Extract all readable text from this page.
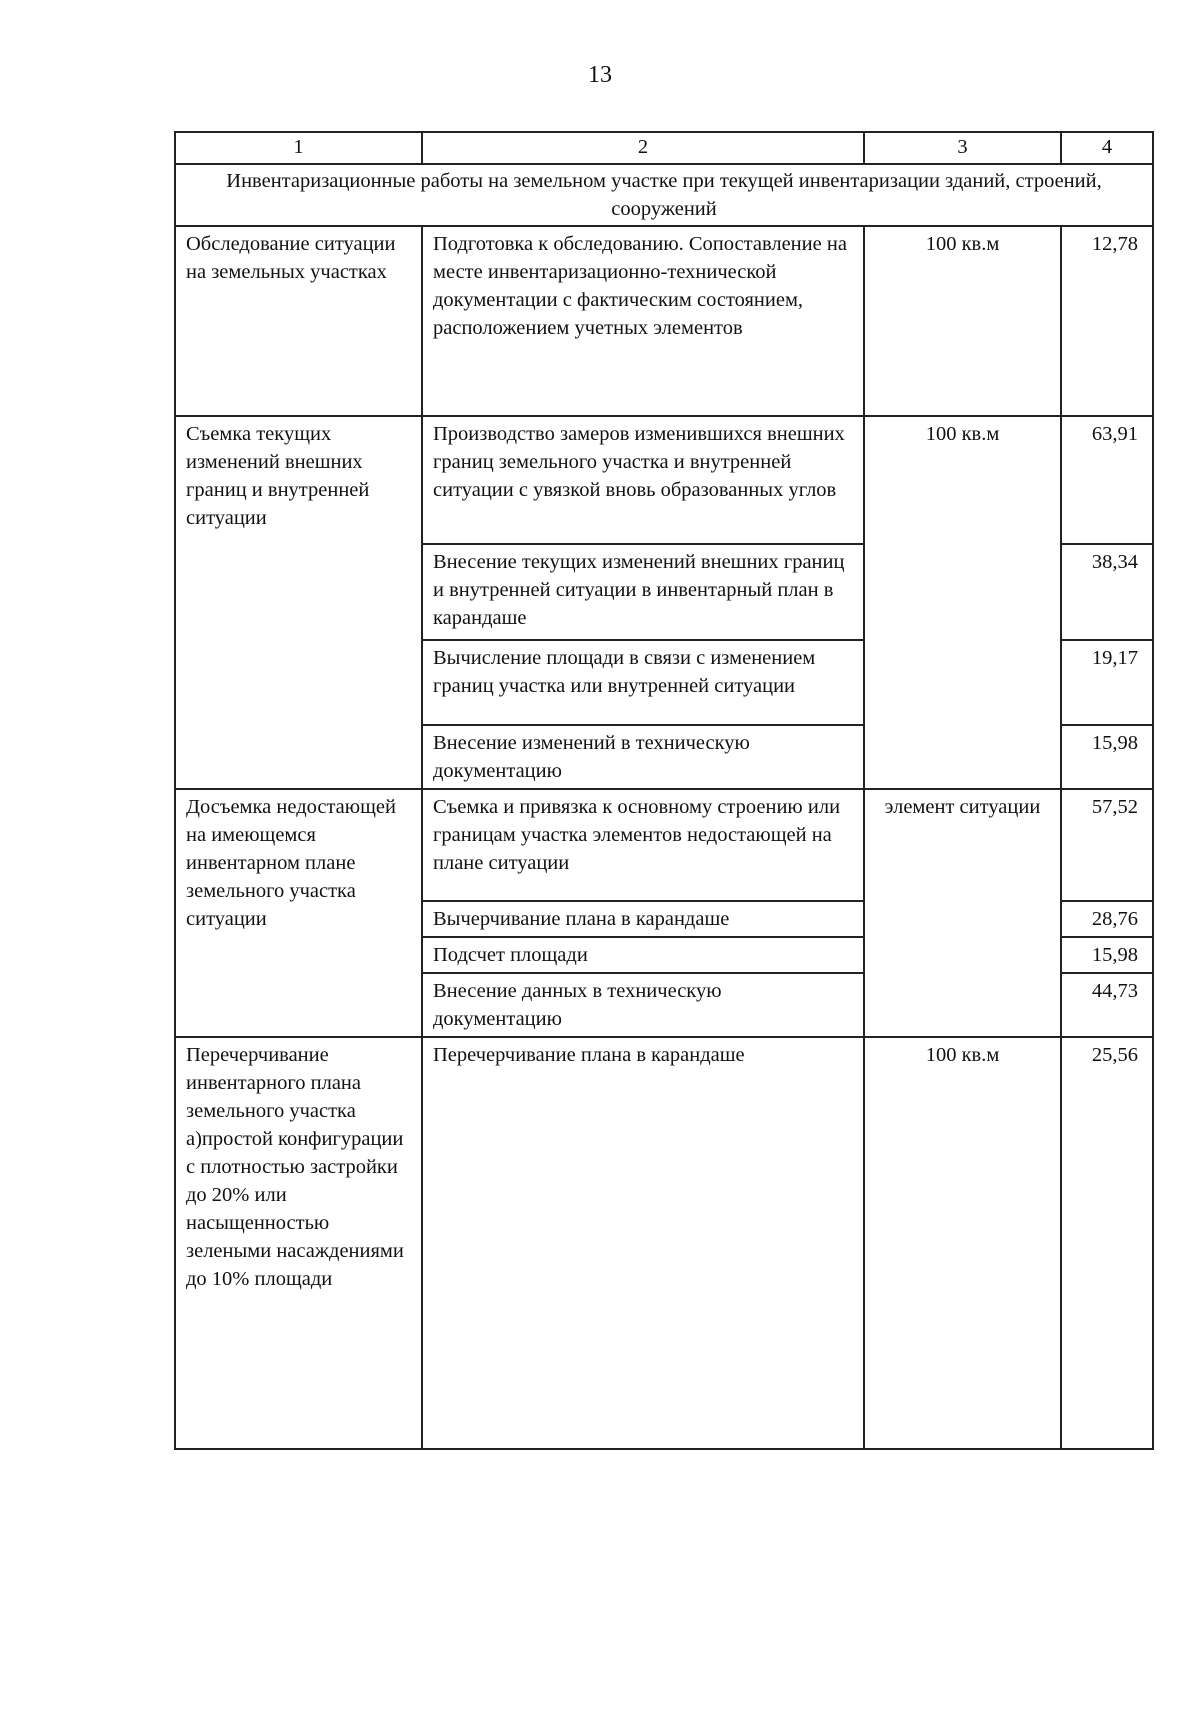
13
1	2	3	4
Инвентаризационные работы на земельном участке при текущей инвентаризации зданий, строений, сооружений			
Обследование ситуации на земельных участках	Подготовка к обследованию. Сопоставление на месте инвентаризационно-технической документации с фактическим состоянием, расположением учетных элементов	100 кв.м	12,78
Съемка текущих изменений внешних границ и внутренней ситуации	Производство замеров изменившихся внешних границ земельного участка и внутренней ситуации с увязкой вновь образованных углов	100 кв.м	63,91
	Внесение текущих изменений внешних границ и внутренней ситуации в инвентарный план в карандаше		38,34
	Вычисление площади в связи с изменением границ участка или внутренней ситуации		19,17
	Внесение изменений в техническую документацию		15,98
Досъемка недостающей на имеющемся инвентарном плане земельного участка ситуации	Съемка и привязка к основному строению или границам участка элементов недостающей на плане ситуации	элемент ситуации	57,52
	Вычерчивание плана в карандаше		28,76
	Подсчет площади		15,98
	Внесение данных в техническую документацию		44,73
Перечерчивание инвентарного плана земельного участка а)простой конфигурации с плотностью застройки до 20% или насыщенностью зелеными насаждениями до 10% площади	Перечерчивание плана в карандаше	100 кв.м	25,56
